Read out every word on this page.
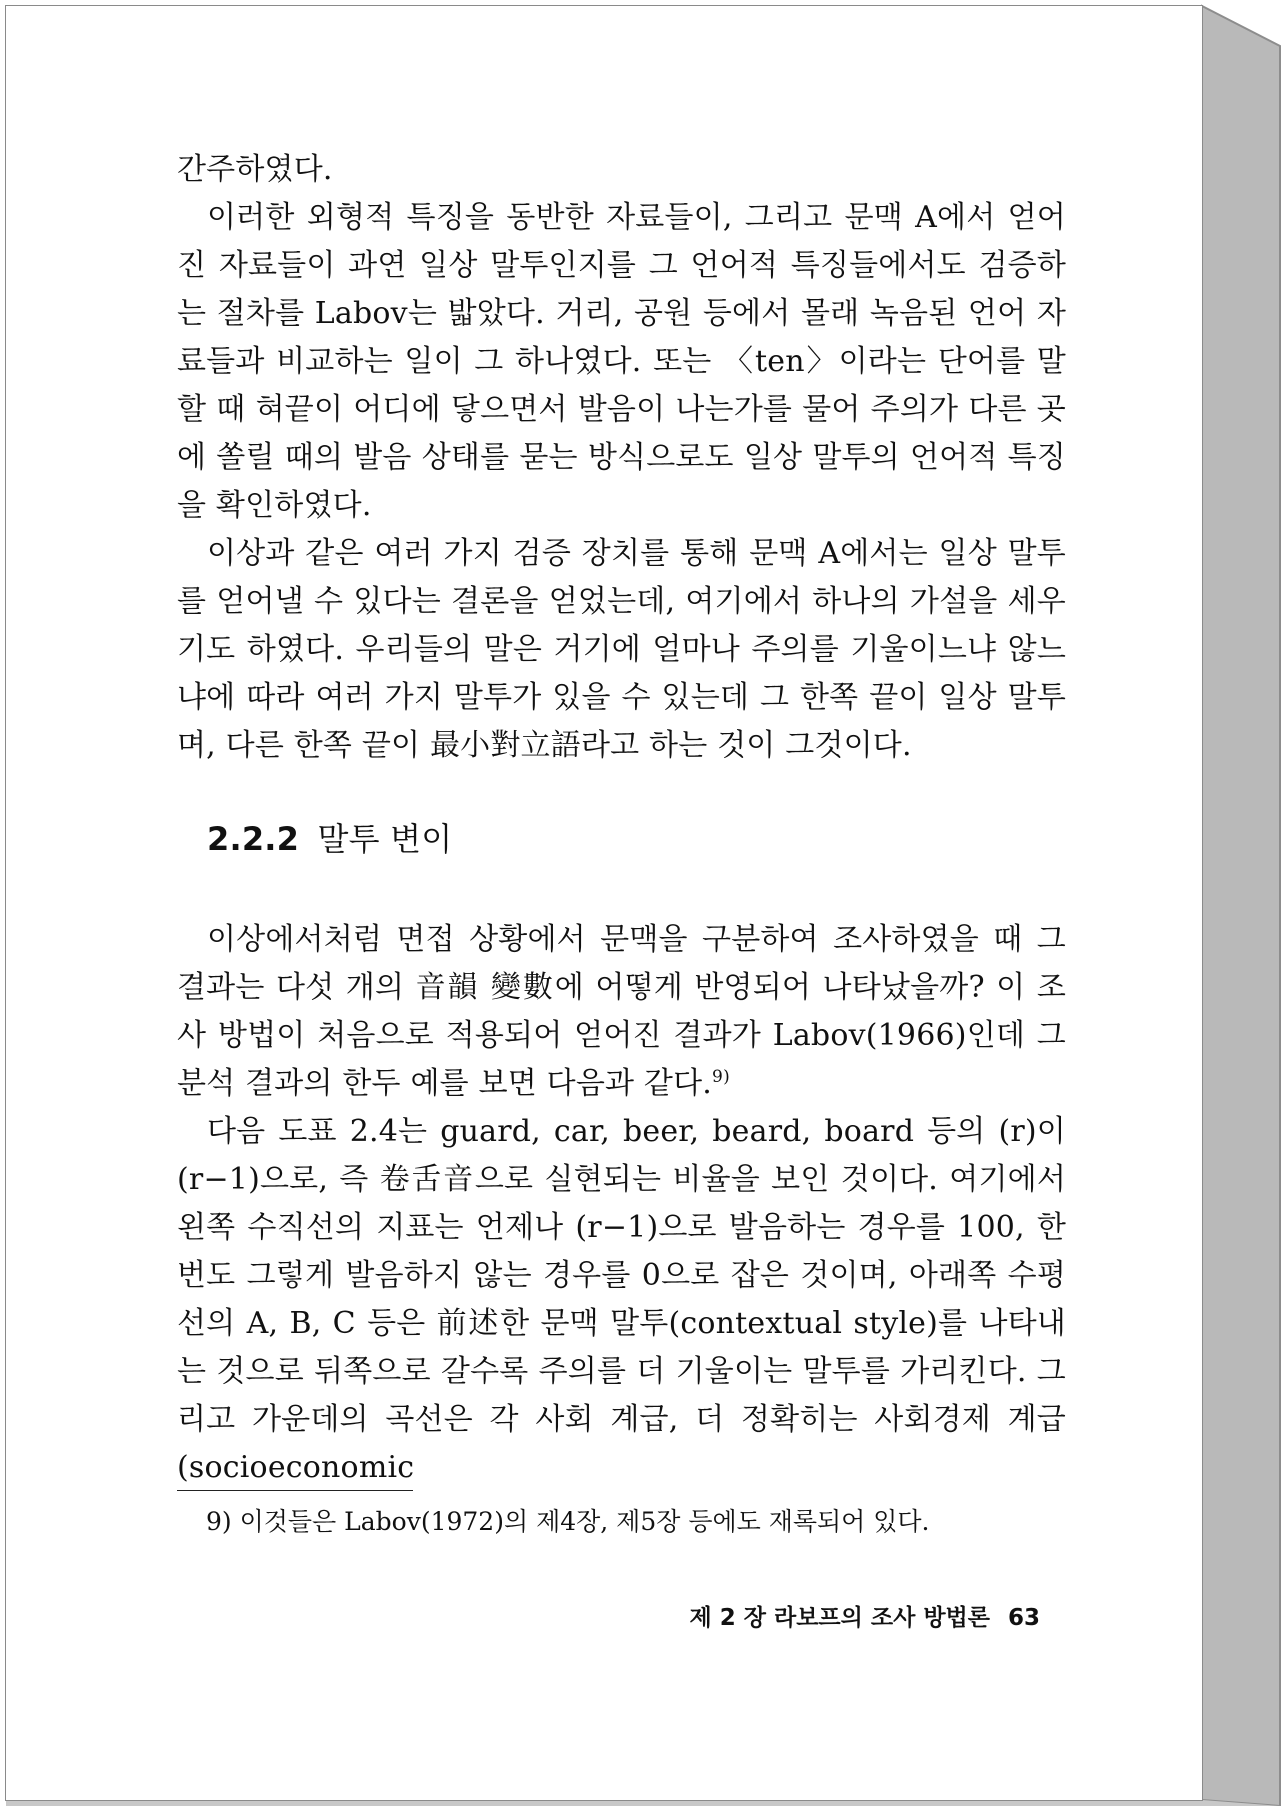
간주하였다.

이러한 외형적 특징을 동반한 자료들이, 그리고 문맥 A에서 얻어진 자료들이 과연 일상 말투인지를 그 언어적 특징들에서도 검증하는 절차를 Labov는 밟았다. 거리, 공원 등에서 몰래 녹음된 언어 자료들과 비교하는 일이 그 하나였다. 또는 〈ten〉이라는 단어를 말할 때 혀끝이 어디에 닿으면서 발음이 나는가를 물어 주의가 다른 곳에 쏠릴 때의 발음 상태를 묻는 방식으로도 일상 말투의 언어적 특징을 확인하였다.

이상과 같은 여러 가지 검증 장치를 통해 문맥 A에서는 일상 말투를 얻어낼 수 있다는 결론을 얻었는데, 여기에서 하나의 가설을 세우기도 하였다. 우리들의 말은 거기에 얼마나 주의를 기울이느냐 않느냐에 따라 여러 가지 말투가 있을 수 있는데 그 한쪽 끝이 일상 말투며, 다른 한쪽 끝이 最小對立語라고 하는 것이 그것이다.

2.2.2 말투 변이

이상에서처럼 면접 상황에서 문맥을 구분하여 조사하였을 때 그 결과는 다섯 개의 音韻 變數에 어떻게 반영되어 나타났을까? 이 조사 방법이 처음으로 적용되어 얻어진 결과가 Labov(1966)인데 그 분석 결과의 한두 예를 보면 다음과 같다.$^{9)}$

다음 도표 2.4는 guard, car, beer, beard, board 등의 (r)이 (r−1)으로, 즉 卷舌音으로 실현되는 비율을 보인 것이다. 여기에서 왼쪽 수직선의 지표는 언제나 (r−1)으로 발음하는 경우를 100, 한 번도 그렇게 발음하지 않는 경우를 0으로 잡은 것이며, 아래쪽 수평선의 A, B, C 등은 前述한 문맥 말투(contextual style)를 나타내는 것으로 뒤쪽으로 갈수록 주의를 더 기울이는 말투를 가리킨다. 그리고 가운데의 곡선은 각 사회 계급, 더 정확히는 사회경제 계급(socioeconomic

9) 이것들은 Labov(1972)의 제4장, 제5장 등에도 재록되어 있다.
제 2 장 라보프의 조사 방법론 63
